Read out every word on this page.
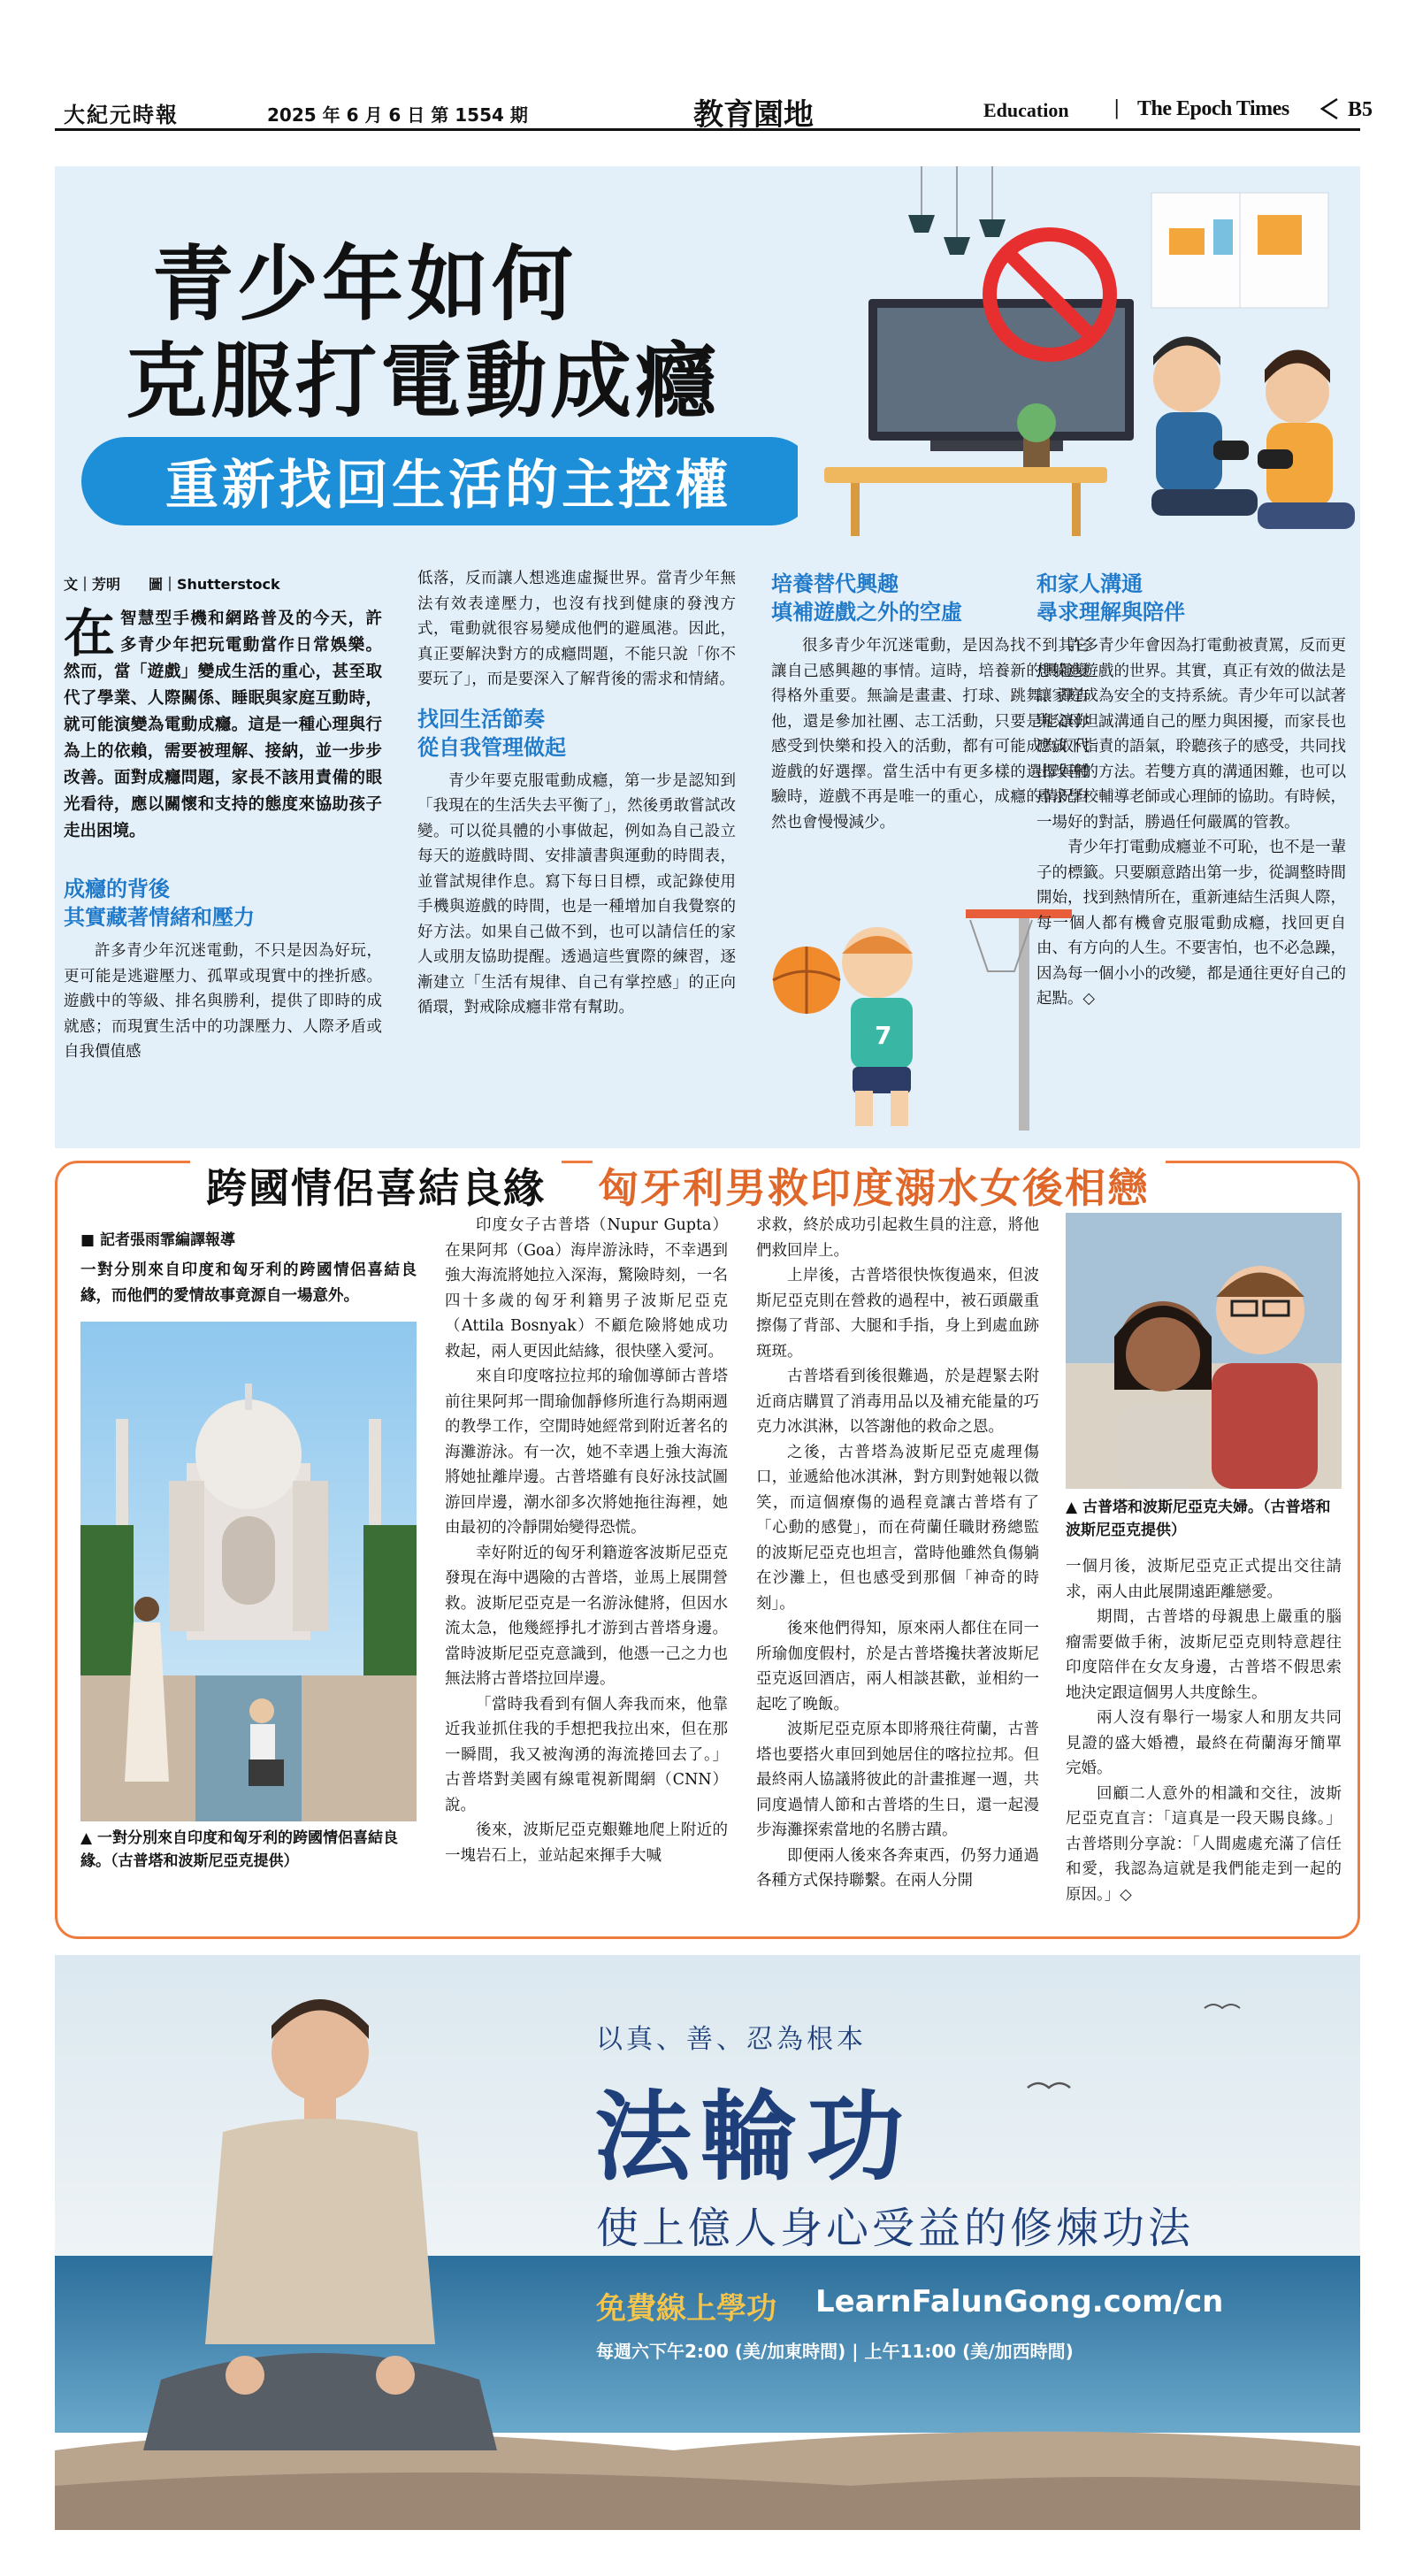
大紀元時報	2025 年 6 月 6 日 第 1554 期	教育園地	Education | The Epoch Times	B5
青少年如何
克服打電動成癮
重新找回生活的主控權
文｜芳明　　圖｜Shutterstock
在智慧型手機和網路普及的今天，許多青少年把玩電動當作日常娛樂。然而，當「遊戲」變成生活的重心，甚至取代了學業、人際關係、睡眠與家庭互動時，就可能演變為電動成癮。這是一種心理與行為上的依賴，需要被理解、接納，並一步步改善。面對成癮問題，家長不該用責備的眼光看待，應以關懷和支持的態度來協助孩子走出困境。
成癮的背後
其實藏著情緒和壓力

許多青少年沉迷電動，不只是因為好玩，更可能是逃避壓力、孤單或現實中的挫折感。遊戲中的等級、排名與勝利，提供了即時的成就感；而現實生活中的功課壓力、人際矛盾或自我價值感

低落，反而讓人想逃進虛擬世界。當青少年無法有效表達壓力，也沒有找到健康的發洩方式，電動就很容易變成他們的避風港。因此，真正要解決對方的成癮問題，不能只說「你不要玩了」，而是要深入了解背後的需求和情緒。

找回生活節奏
從自我管理做起

青少年要克服電動成癮，第一步是認知到「我現在的生活失去平衡了」，然後勇敢嘗試改變。可以從具體的小事做起，例如為自己設立每天的遊戲時間、安排讀書與運動的時間表，並嘗試規律作息。寫下每日目標，或記錄使用手機與遊戲的時間，也是一種增加自我覺察的好方法。如果自己做不到，也可以請信任的家人或朋友協助提醒。透過這些實際的練習，逐漸建立「生活有規律、自己有掌控感」的正向循環，對戒除成癮非常有幫助。

培養替代興趣
填補遊戲之外的空虛

很多青少年沉迷電動，是因為找不到其它讓自己感興趣的事情。這時，培養新的興趣變得格外重要。無論是畫畫、打球、跳舞、彈吉他，還是參加社團、志工活動，只要是能讓你感受到快樂和投入的活動，都有可能成為取代遊戲的好選擇。當生活中有更多樣的選擇與體驗時，遊戲不再是唯一的重心，成癮的情況自然也會慢慢減少。

7
和家人溝通
尋求理解與陪伴

許多青少年會因為打電動被責罵，反而更想躲進遊戲的世界。其實，真正有效的做法是讓家庭成為安全的支持系統。青少年可以試著與父母坦誠溝通自己的壓力與困擾，而家長也應放下指責的語氣，聆聽孩子的感受，共同找出改善的方法。若雙方真的溝通困難，也可以尋求學校輔導老師或心理師的協助。有時候，一場好的對話，勝過任何嚴厲的管教。

青少年打電動成癮並不可恥，也不是一輩子的標籤。只要願意踏出第一步，從調整時間開始，找到熱情所在，重新連結生活與人際，每一個人都有機會克服電動成癮，找回更自由、有方向的人生。不要害怕，也不必急躁，因為每一個小小的改變，都是通往更好自己的起點。◇

跨國情侶喜結良緣	匈牙利男救印度溺水女後相戀
■ 記者張雨霏編譯報導
一對分別來自印度和匈牙利的跨國情侶喜結良緣，而他們的愛情故事竟源自一場意外。
▲ 一對分別來自印度和匈牙利的跨國情侶喜結良緣。（古普塔和波斯尼亞克提供）

印度女子古普塔（Nupur Gupta）在果阿邦（Goa）海岸游泳時，不幸遇到強大海流將她拉入深海，驚險時刻，一名四十多歲的匈牙利籍男子波斯尼亞克（Attila Bosnyak）不顧危險將她成功救起，兩人更因此結緣，很快墜入愛河。

來自印度喀拉拉邦的瑜伽導師古普塔前往果阿邦一間瑜伽靜修所進行為期兩週的教學工作，空閒時她經常到附近著名的海灘游泳。有一次，她不幸遇上強大海流將她扯離岸邊。古普塔雖有良好泳技試圖游回岸邊，潮水卻多次將她拖往海裡，她由最初的冷靜開始變得恐慌。

幸好附近的匈牙利籍遊客波斯尼亞克發現在海中遇險的古普塔，並馬上展開營救。波斯尼亞克是一名游泳健將，但因水流太急，他幾經掙扎才游到古普塔身邊。當時波斯尼亞克意識到，他憑一己之力也無法將古普塔拉回岸邊。

「當時我看到有個人奔我而來，他靠近我並抓住我的手想把我拉出來，但在那一瞬間，我又被洶湧的海流捲回去了。」古普塔對美國有線電視新聞網（CNN）說。

後來，波斯尼亞克艱難地爬上附近的一塊岩石上，並站起來揮手大喊

求救，終於成功引起救生員的注意，將他們救回岸上。

上岸後，古普塔很快恢復過來，但波斯尼亞克則在營救的過程中，被石頭嚴重擦傷了背部、大腿和手指，身上到處血跡斑斑。

古普塔看到後很難過，於是趕緊去附近商店購買了消毒用品以及補充能量的巧克力冰淇淋，以答謝他的救命之恩。

之後，古普塔為波斯尼亞克處理傷口，並遞給他冰淇淋，對方則對她報以微笑，而這個療傷的過程竟讓古普塔有了「心動的感覺」，而在荷蘭任職財務總監的波斯尼亞克也坦言，當時他雖然負傷躺在沙灘上，但也感受到那個「神奇的時刻」。

後來他們得知，原來兩人都住在同一所瑜伽度假村，於是古普塔攙扶著波斯尼亞克返回酒店，兩人相談甚歡，並相約一起吃了晚飯。

波斯尼亞克原本即將飛往荷蘭，古普塔也要搭火車回到她居住的喀拉拉邦。但最終兩人協議將彼此的計畫推遲一週，共同度過情人節和古普塔的生日，還一起漫步海灘探索當地的名勝古蹟。

即便兩人後來各奔東西，仍努力通過各種方式保持聯繫。在兩人分開

▲ 古普塔和波斯尼亞克夫婦。（古普塔和波斯尼亞克提供）

一個月後，波斯尼亞克正式提出交往請求，兩人由此展開遠距離戀愛。

期間，古普塔的母親患上嚴重的腦瘤需要做手術，波斯尼亞克則特意趕往印度陪伴在女友身邊，古普塔不假思索地決定跟這個男人共度餘生。

兩人沒有舉行一場家人和朋友共同見證的盛大婚禮，最終在荷蘭海牙簡單完婚。

回顧二人意外的相識和交往，波斯尼亞克直言：「這真是一段天賜良緣。」古普塔則分享說：「人間處處充滿了信任和愛，我認為這就是我們能走到一起的原因。」◇

以真、善、忍為根本
法輪功
使上億人身心受益的修煉功法
免費線上學功 LearnFalunGong.com/cn
每週六下午2:00 (美/加東時間) | 上午11:00 (美/加西時間)
